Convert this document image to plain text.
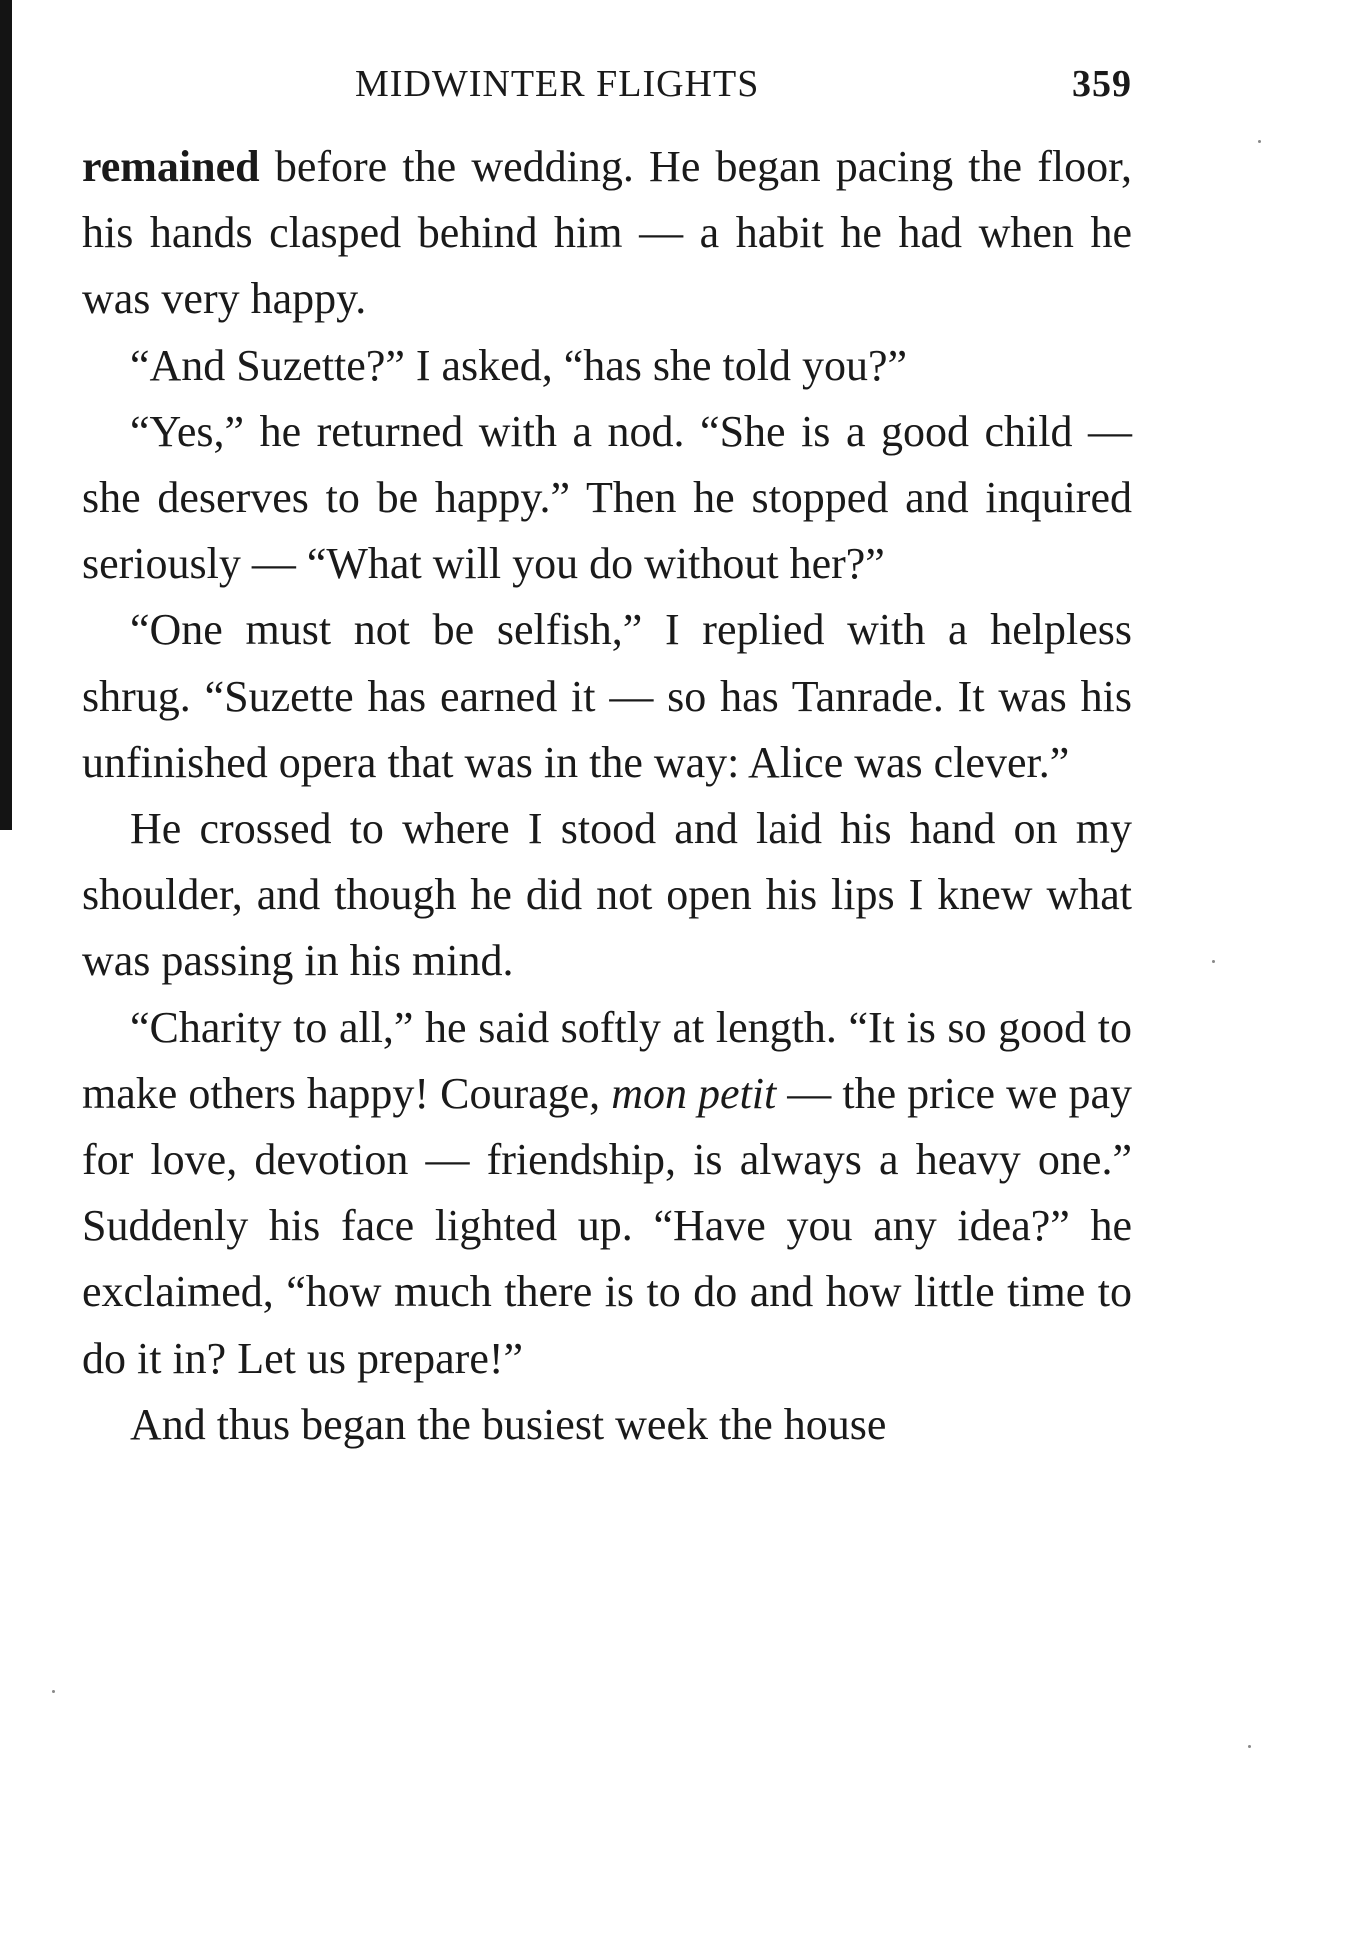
MIDWINTER FLIGHTS	359

remained before the wedding. He began pacing the floor, his hands clasped behind him — a habit he had when he was very happy.

“And Suzette?” I asked, “has she told you?”

“Yes,” he returned with a nod. “She is a good child — she deserves to be happy.” Then he stopped and inquired seriously — “What will you do without her?”

“One must not be selfish,” I replied with a helpless shrug. “Suzette has earned it — so has Tanrade. It was his unfinished opera that was in the way: Alice was clever.”

He crossed to where I stood and laid his hand on my shoulder, and though he did not open his lips I knew what was passing in his mind.

“Charity to all,” he said softly at length. “It is so good to make others happy! Courage, mon petit — the price we pay for love, devotion — friendship, is always a heavy one.” Suddenly his face lighted up. “Have you any idea?” he exclaimed, “how much there is to do and how little time to do it in? Let us prepare!”

And thus began the busiest week the house
